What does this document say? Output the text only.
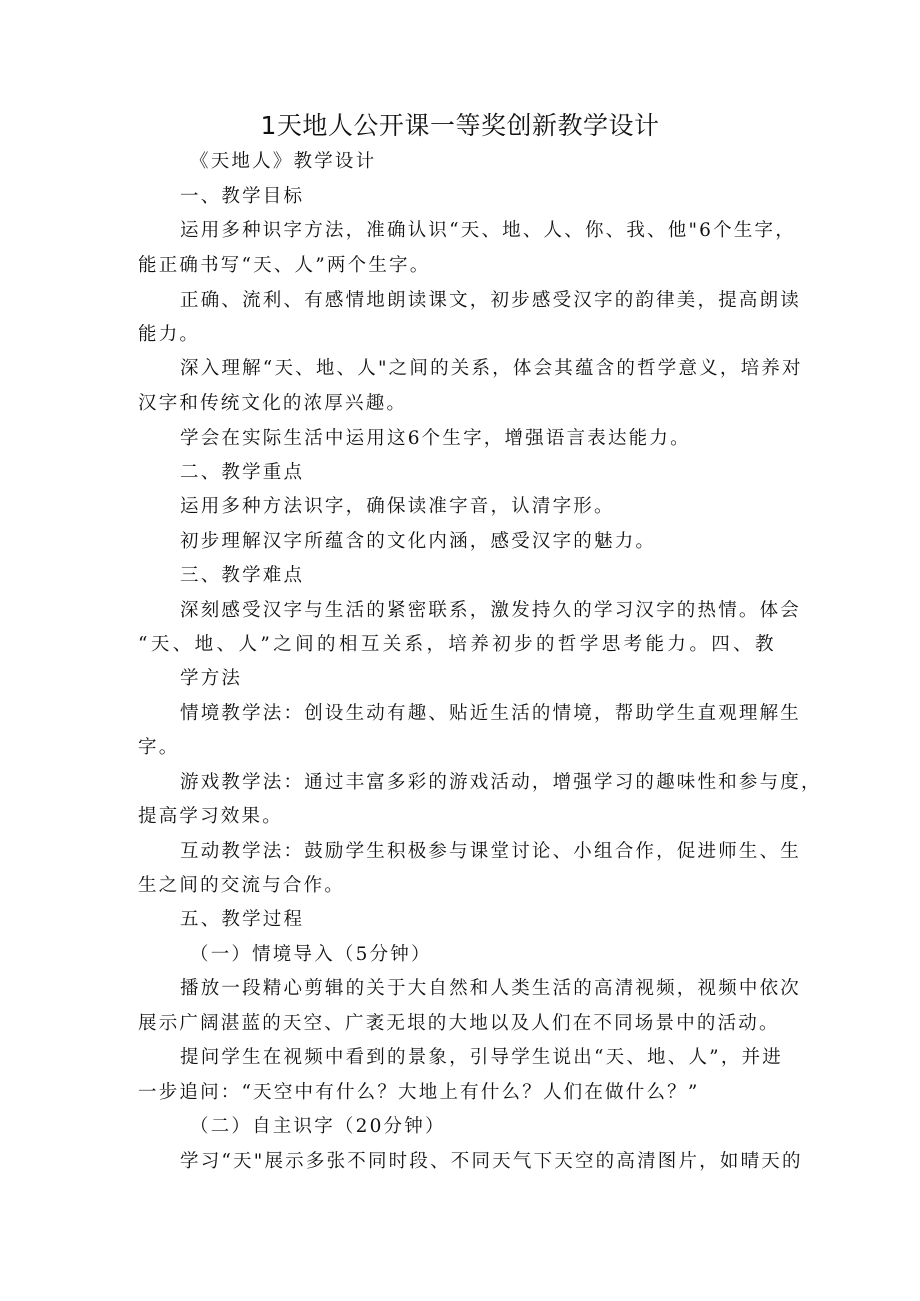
1天地人公开课一等奖创新教学设计
《天地人》教学设计
一、教学目标
运用多种识字方法，准确认识“天、地、人、你、我、他"6个生字，
能正确书写“天、人”两个生字。
正确、流利、有感情地朗读课文，初步感受汉字的韵律美，提高朗读
能力。
深入理解“天、地、人"之间的关系，体会其蕴含的哲学意义，培养对
汉字和传统文化的浓厚兴趣。
学会在实际生活中运用这6个生字，增强语言表达能力。
二、教学重点
运用多种方法识字，确保读准字音，认清字形。
初步理解汉字所蕴含的文化内涵，感受汉字的魅力。
三、教学难点
深刻感受汉字与生活的紧密联系，激发持久的学习汉字的热情。体会
“天、地、人”之间的相互关系，培养初步的哲学思考能力。四、教
学方法
情境教学法：创设生动有趣、贴近生活的情境，帮助学生直观理解生
字。
游戏教学法：通过丰富多彩的游戏活动，增强学习的趣味性和参与度，
提高学习效果。
互动教学法：鼓励学生积极参与课堂讨论、小组合作，促进师生、生
生之间的交流与合作。
五、教学过程
（一）情境导入（5分钟）
播放一段精心剪辑的关于大自然和人类生活的高清视频，视频中依次
展示广阔湛蓝的天空、广袤无垠的大地以及人们在不同场景中的活动。
提问学生在视频中看到的景象，引导学生说出“天、地、人”，并进
一步追问：“天空中有什么？大地上有什么？人们在做什么？”
（二）自主识字（20分钟）
学习“天"展示多张不同时段、不同天气下天空的高清图片，如晴天的
